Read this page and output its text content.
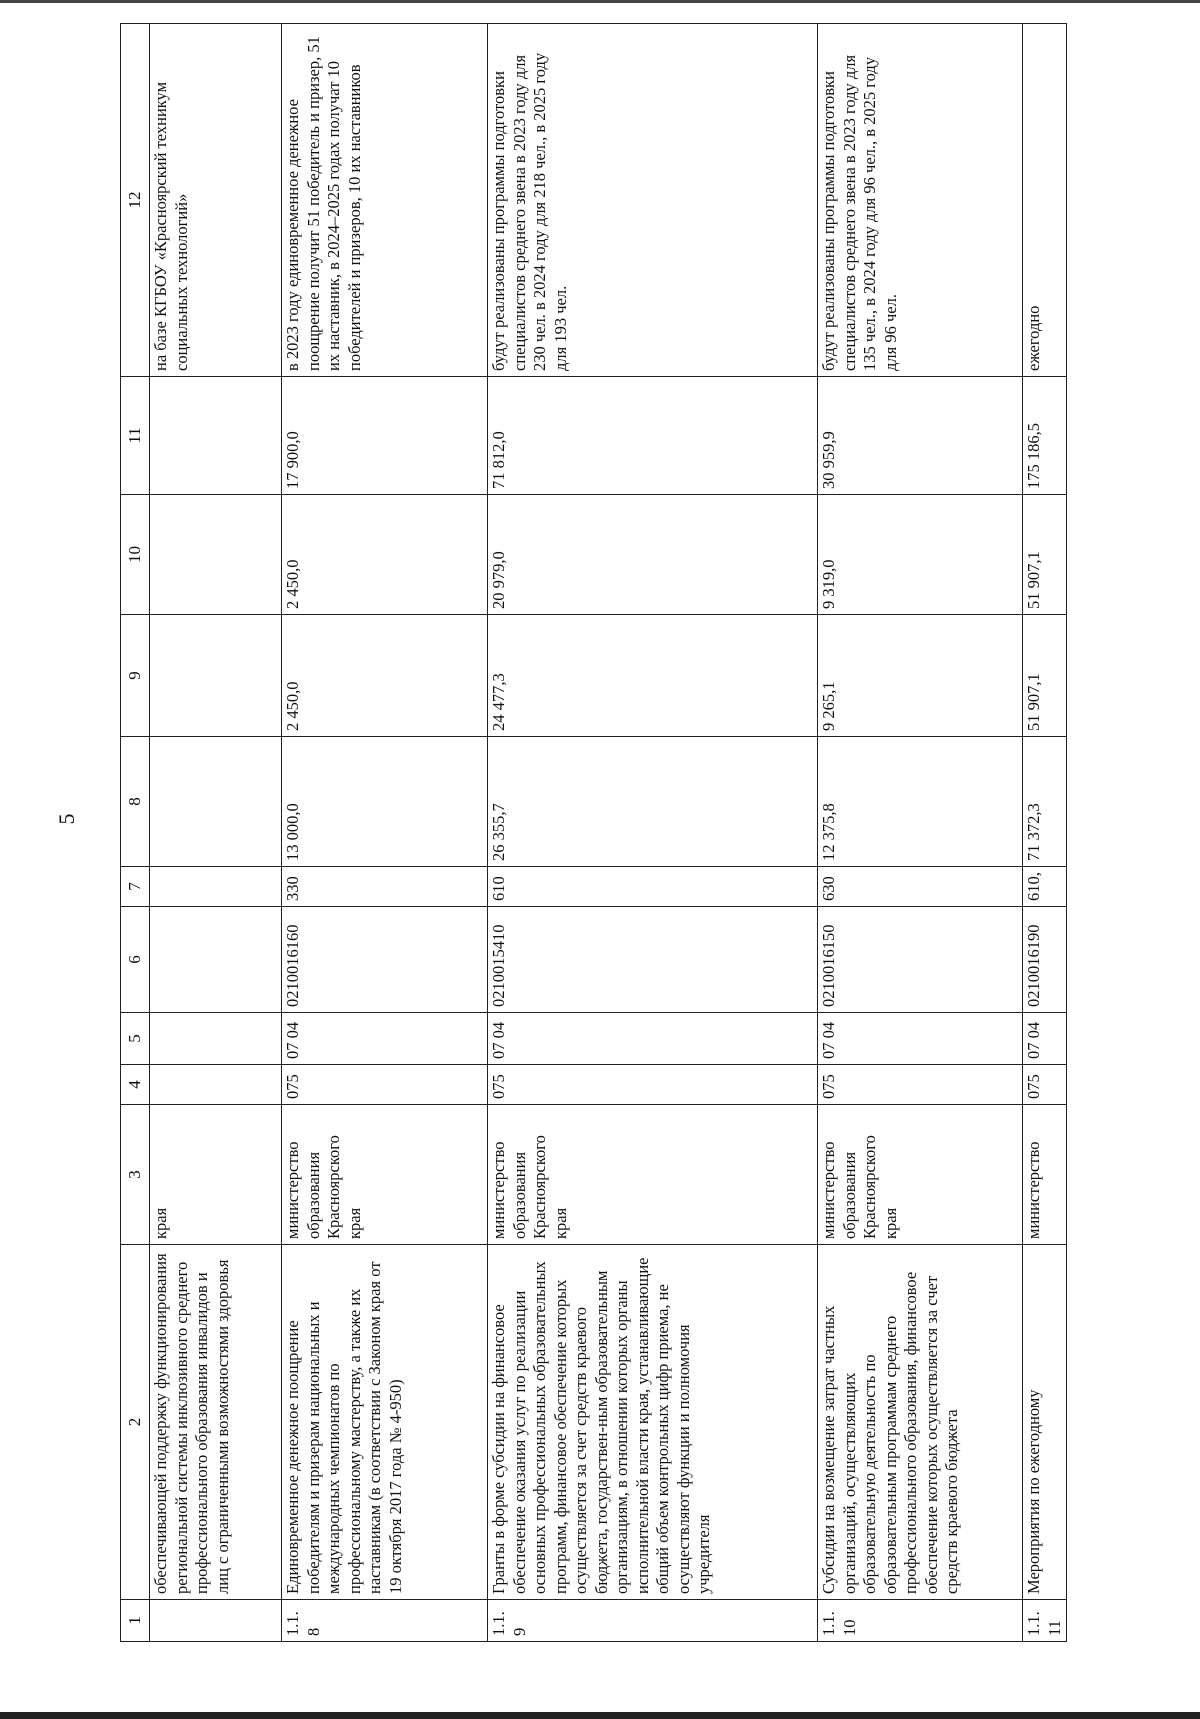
5
1	2	3	4	5	6	7	8	9	10	11	12
	обеспечивающей поддержку функционирования региональной системы инклюзивного среднего профессионального образования инвалидов и лиц с ограниченными возможностями здоровья	края									на базе КГБОУ «Красноярский техникум социальных технологий»
1.1.8	Единовременное денежное поощрение победителям и призерам национальных и международных чемпионатов по профессиональному мастерству, а также их наставникам (в соответствии с Законом края от 19 октября 2017 года № 4-950)	министерство образования Красноярского края	075	07 04	0210016160	330	13 000,0	2 450,0	2 450,0	17 900,0	в 2023 году единовременное денежное поощрение получит 51 победитель и призер, 51 их наставник, в 2024–2025 годах получат 10 победителей и призеров, 10 их наставников
1.1.9	Гранты в форме субсидии на финансовое обеспечение оказания услуг по реализации основных профессиональных образовательных программ, финансовое обеспечение которых осуществляется за счет средств краевого бюджета, государствен-ным образовательным организациям, в отношении которых органы исполнительной власти края, устанавливающие общий объем контрольных цифр приема, не осуществляют функции и полномочия учредителя	министерство образования Красноярского края	075	07 04	0210015410	610	26 355,7	24 477,3	20 979,0	71 812,0	будут реализованы программы подготовки специалистов среднего звена в 2023 году для 230 чел. в 2024 году для 218 чел., в 2025 году для 193 чел.
1.1.10	Субсидии на возмещение затрат частных организаций, осуществляющих образовательную деятельность по образовательным программам среднего профессионального образования, финансовое обеспечение которых осуществляется за счет средств краевого бюджета	министерство образования Красноярского края	075	07 04	0210016150	630	12 375,8	9 265,1	9 319,0	30 959,9	будут реализованы программы подготовки специалистов среднего звена в 2023 году для 135 чел., в 2024 году для 96 чел., в 2025 году для 96 чел.
1.1.11	Мероприятия по ежегодному	министерство	075	07 04	0210016190	610,	71 372,3	51 907,1	51 907,1	175 186,5	ежегодно
